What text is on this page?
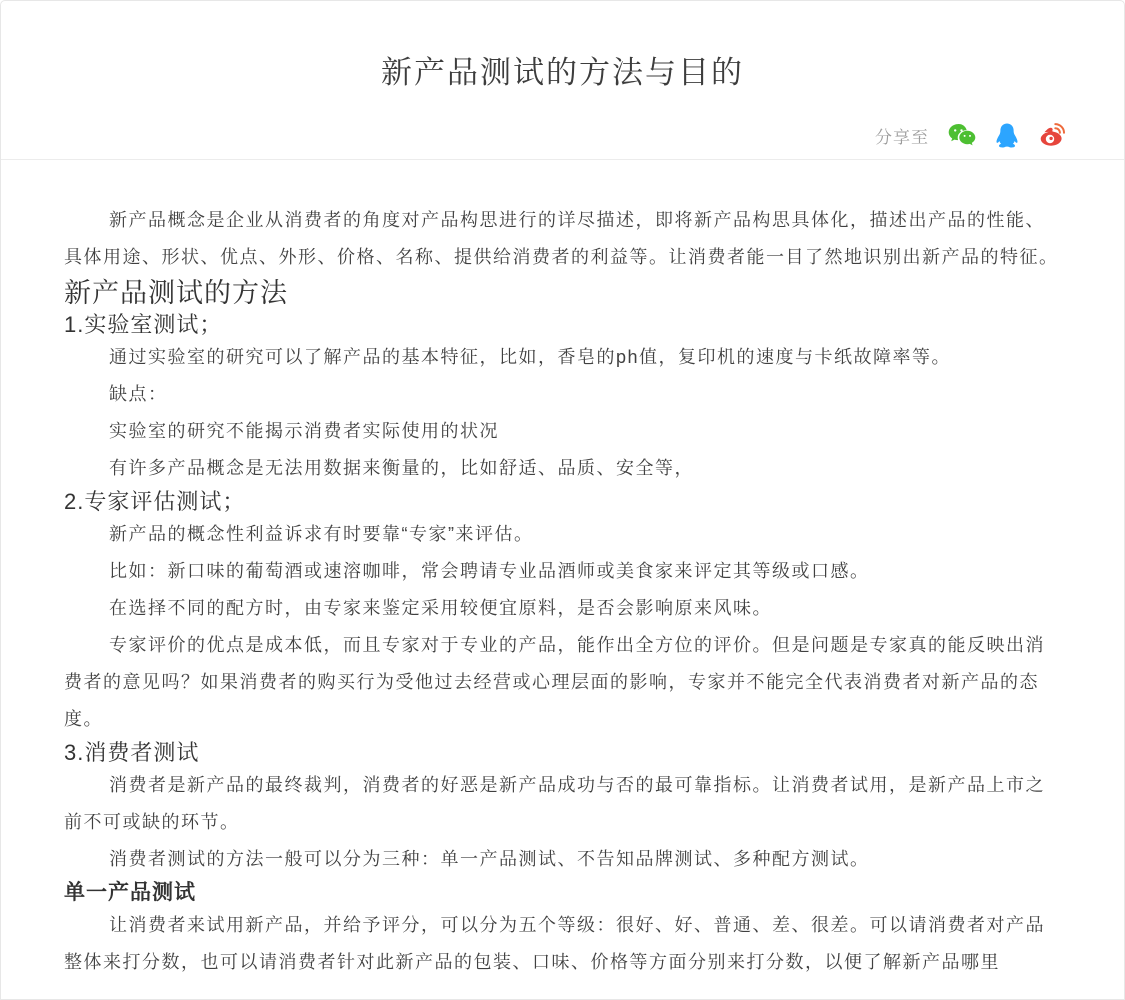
新产品测试的方法与目的
分享至

新产品概念是企业从消费者的角度对产品构思进行的详尽描述，即将新产品构思具体化，描述出产品的性能、具体用途、形状、优点、外形、价格、名称、提供给消费者的利益等。让消费者能一目了然地识别出新产品的特征。

新产品测试的方法
1.实验室测试；

通过实验室的研究可以了解产品的基本特征，比如，香皂的ph值，复印机的速度与卡纸故障率等。

缺点：

实验室的研究不能揭示消费者实际使用的状况

有许多产品概念是无法用数据来衡量的，比如舒适、品质、安全等，

2.专家评估测试；

新产品的概念性利益诉求有时要靠“专家”来评估。

比如：新口味的葡萄酒或速溶咖啡，常会聘请专业品酒师或美食家来评定其等级或口感。

在选择不同的配方时，由专家来鉴定采用较便宜原料，是否会影响原来风味。

专家评价的优点是成本低，而且专家对于专业的产品，能作出全方位的评价。但是问题是专家真的能反映出消费者的意见吗？如果消费者的购买行为受他过去经营或心理层面的影响，专家并不能完全代表消费者对新产品的态度。

3.消费者测试

消费者是新产品的最终裁判，消费者的好恶是新产品成功与否的最可靠指标。让消费者试用，是新产品上市之前不可或缺的环节。

消费者测试的方法一般可以分为三种：单一产品测试、不告知品牌测试、多种配方测试。

单一产品测试

让消费者来试用新产品，并给予评分，可以分为五个等级：很好、好、普通、差、很差。可以请消费者对产品整体来打分数，也可以请消费者针对此新产品的包装、口味、价格等方面分别来打分数，以便了解新产品哪里
